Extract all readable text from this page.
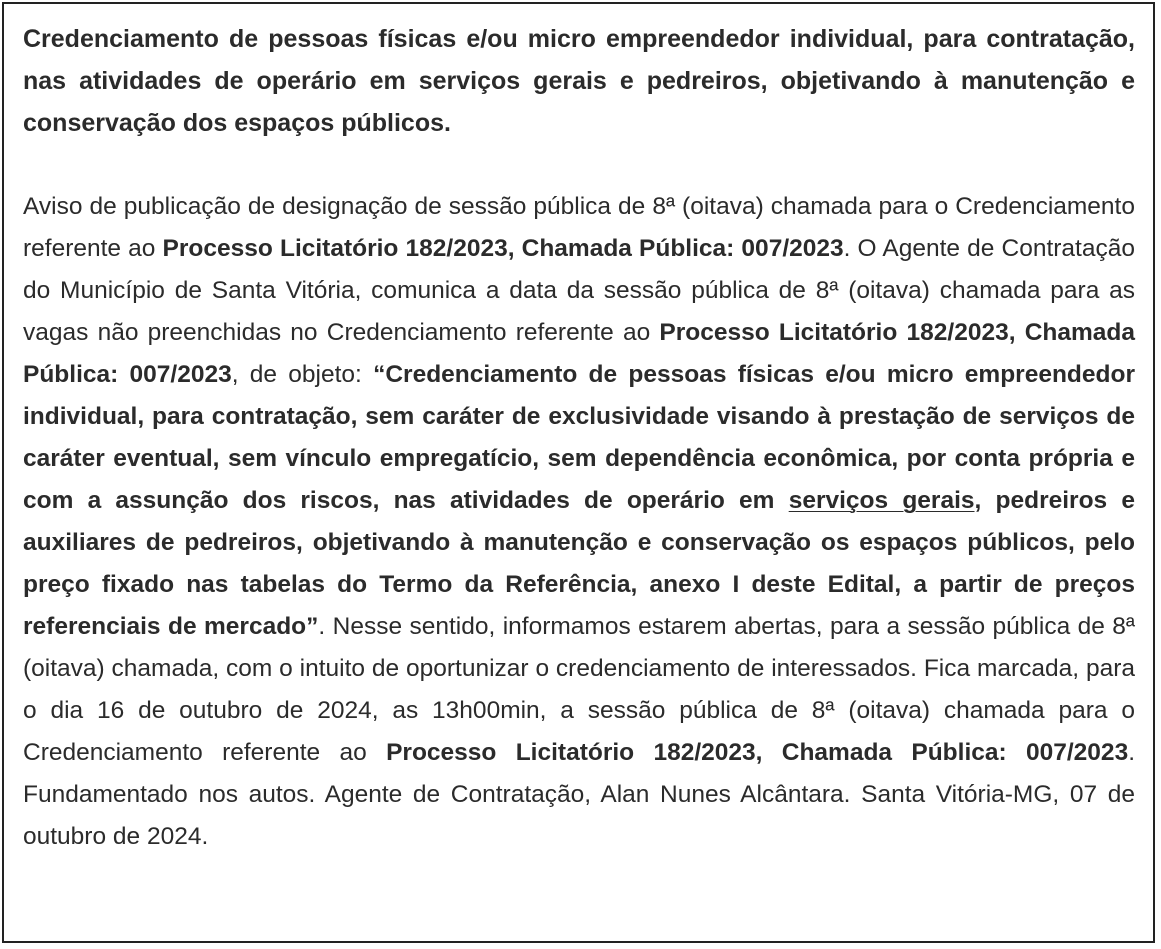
Credenciamento de pessoas físicas e/ou micro empreendedor individual, para contratação, nas atividades de operário em serviços gerais e pedreiros, objetivando à manutenção e conservação dos espaços públicos.

Aviso de publicação de designação de sessão pública de 8ª (oitava) chamada para o Credenciamento referente ao Processo Licitatório 182/2023, Chamada Pública: 007/2023. O Agente de Contratação do Município de Santa Vitória, comunica a data da sessão pública de 8ª (oitava) chamada para as vagas não preenchidas no Credenciamento referente ao Processo Licitatório 182/2023, Chamada Pública: 007/2023, de objeto: “Credenciamento de pessoas físicas e/ou micro empreendedor individual, para contratação, sem caráter de exclusividade visando à prestação de serviços de caráter eventual, sem vínculo empregatício, sem dependência econômica, por conta própria e com a assunção dos riscos, nas atividades de operário em serviços gerais, pedreiros e auxiliares de pedreiros, objetivando à manutenção e conservação os espaços públicos, pelo preço fixado nas tabelas do Termo da Referência, anexo I deste Edital, a partir de preços referenciais de mercado”. Nesse sentido, informamos estarem abertas, para a sessão pública de 8ª (oitava) chamada, com o intuito de oportunizar o credenciamento de interessados. Fica marcada, para o dia 16 de outubro de 2024, as 13h00min, a sessão pública de 8ª (oitava) chamada para o Credenciamento referente ao Processo Licitatório 182/2023, Chamada Pública: 007/2023. Fundamentado nos autos. Agente de Contratação, Alan Nunes Alcântara. Santa Vitória-MG, 07 de outubro de 2024.
